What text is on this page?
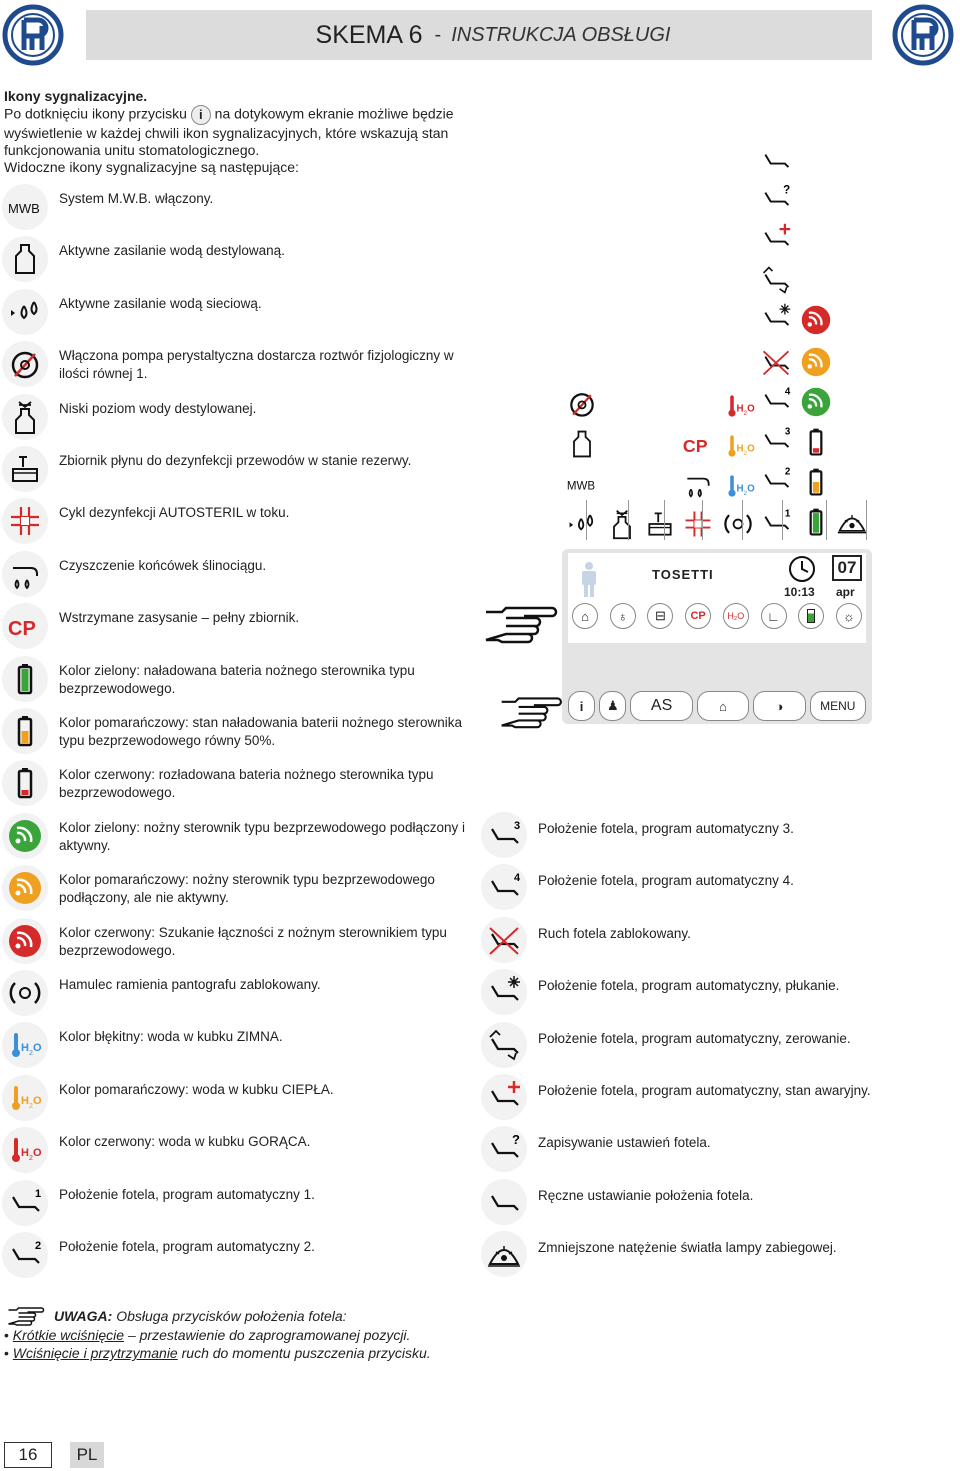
SKEMA 6 - INSTRUKCJA OBSŁUGI
Ikony sygnalizacyjne.
Po dotknięciu ikony przycisku i na dotykowym ekranie możliwe będzie
wyświetlenie w każdej chwili ikon sygnalizacyjnych, które wskazują stan
funkcjonowania unitu stomatologicznego.
Widoczne ikony sygnalizacyjne są następujące:
MWB
System M.W.B. włączony.
Aktywne zasilanie wodą destylowaną.
Aktywne zasilanie wodą sieciową.
Włączona pompa perystaltyczna dostarcza roztwór fizjologiczny w ilości równej 1.
Niski poziom wody destylowanej.
Zbiornik płynu do dezynfekcji przewodów w stanie rezerwy.
Cykl dezynfekcji AUTOSTERIL w toku.
Czyszczenie końcówek ślinociągu.
CP
Wstrzymane zasysanie – pełny zbiornik.
Kolor zielony: naładowana bateria nożnego sterownika typu bezprzewodowego.
Kolor pomarańczowy: stan naładowania baterii nożnego sterownika typu bezprzewodowego równy 50%.
Kolor czerwony: rozładowana bateria nożnego sterownika typu bezprzewodowego.
Kolor zielony: nożny sterownik typu bezprzewodowego podłączony i aktywny.
Kolor pomarańczowy: nożny sterownik typu bezprzewodowego podłączony, ale nie aktywny.
Kolor czerwony: Szukanie łączności z nożnym sterownikiem typu bezprzewodowego.
Hamulec ramienia pantografu zablokowany.
H 2 O
Kolor błękitny: woda w kubku ZIMNA.
H 2 O
Kolor pomarańczowy: woda w kubku CIEPŁA.
H 2 O
Kolor czerwony: woda w kubku GORĄCA.
1 Położenie fotela, program automatyczny 1.
2 Położenie fotela, program automatyczny 2.
3 Położenie fotela, program automatyczny 3.
4 Położenie fotela, program automatyczny 4.
Ruch fotela zablokowany.
Położenie fotela, program automatyczny, płukanie.
Położenie fotela, program automatyczny, zerowanie.
Położenie fotela, program automatyczny, stan awaryjny.
? Zapisywanie ustawień fotela.
Ręczne ustawianie położenia fotela.
Zmniejszone natężenie światła lampy zabiegowej.
?
4
3
2
1
H 2 O
CP	H 2 O
MWB	H 2 O
TOSETTI
10:13
07
apr
⌂	♁	⊟	CP	H₂O	∟	☼
i	♟	AS	⌂	◑	MENU
UWAGA:
Obsługa przycisków położenia fotela:
• Krótkie wciśnięcie – przestawienie do zaprogramowanej pozycji.
• Wciśnięcie i przytrzymanie ruch do momentu puszczenia przycisku.
16	PL
